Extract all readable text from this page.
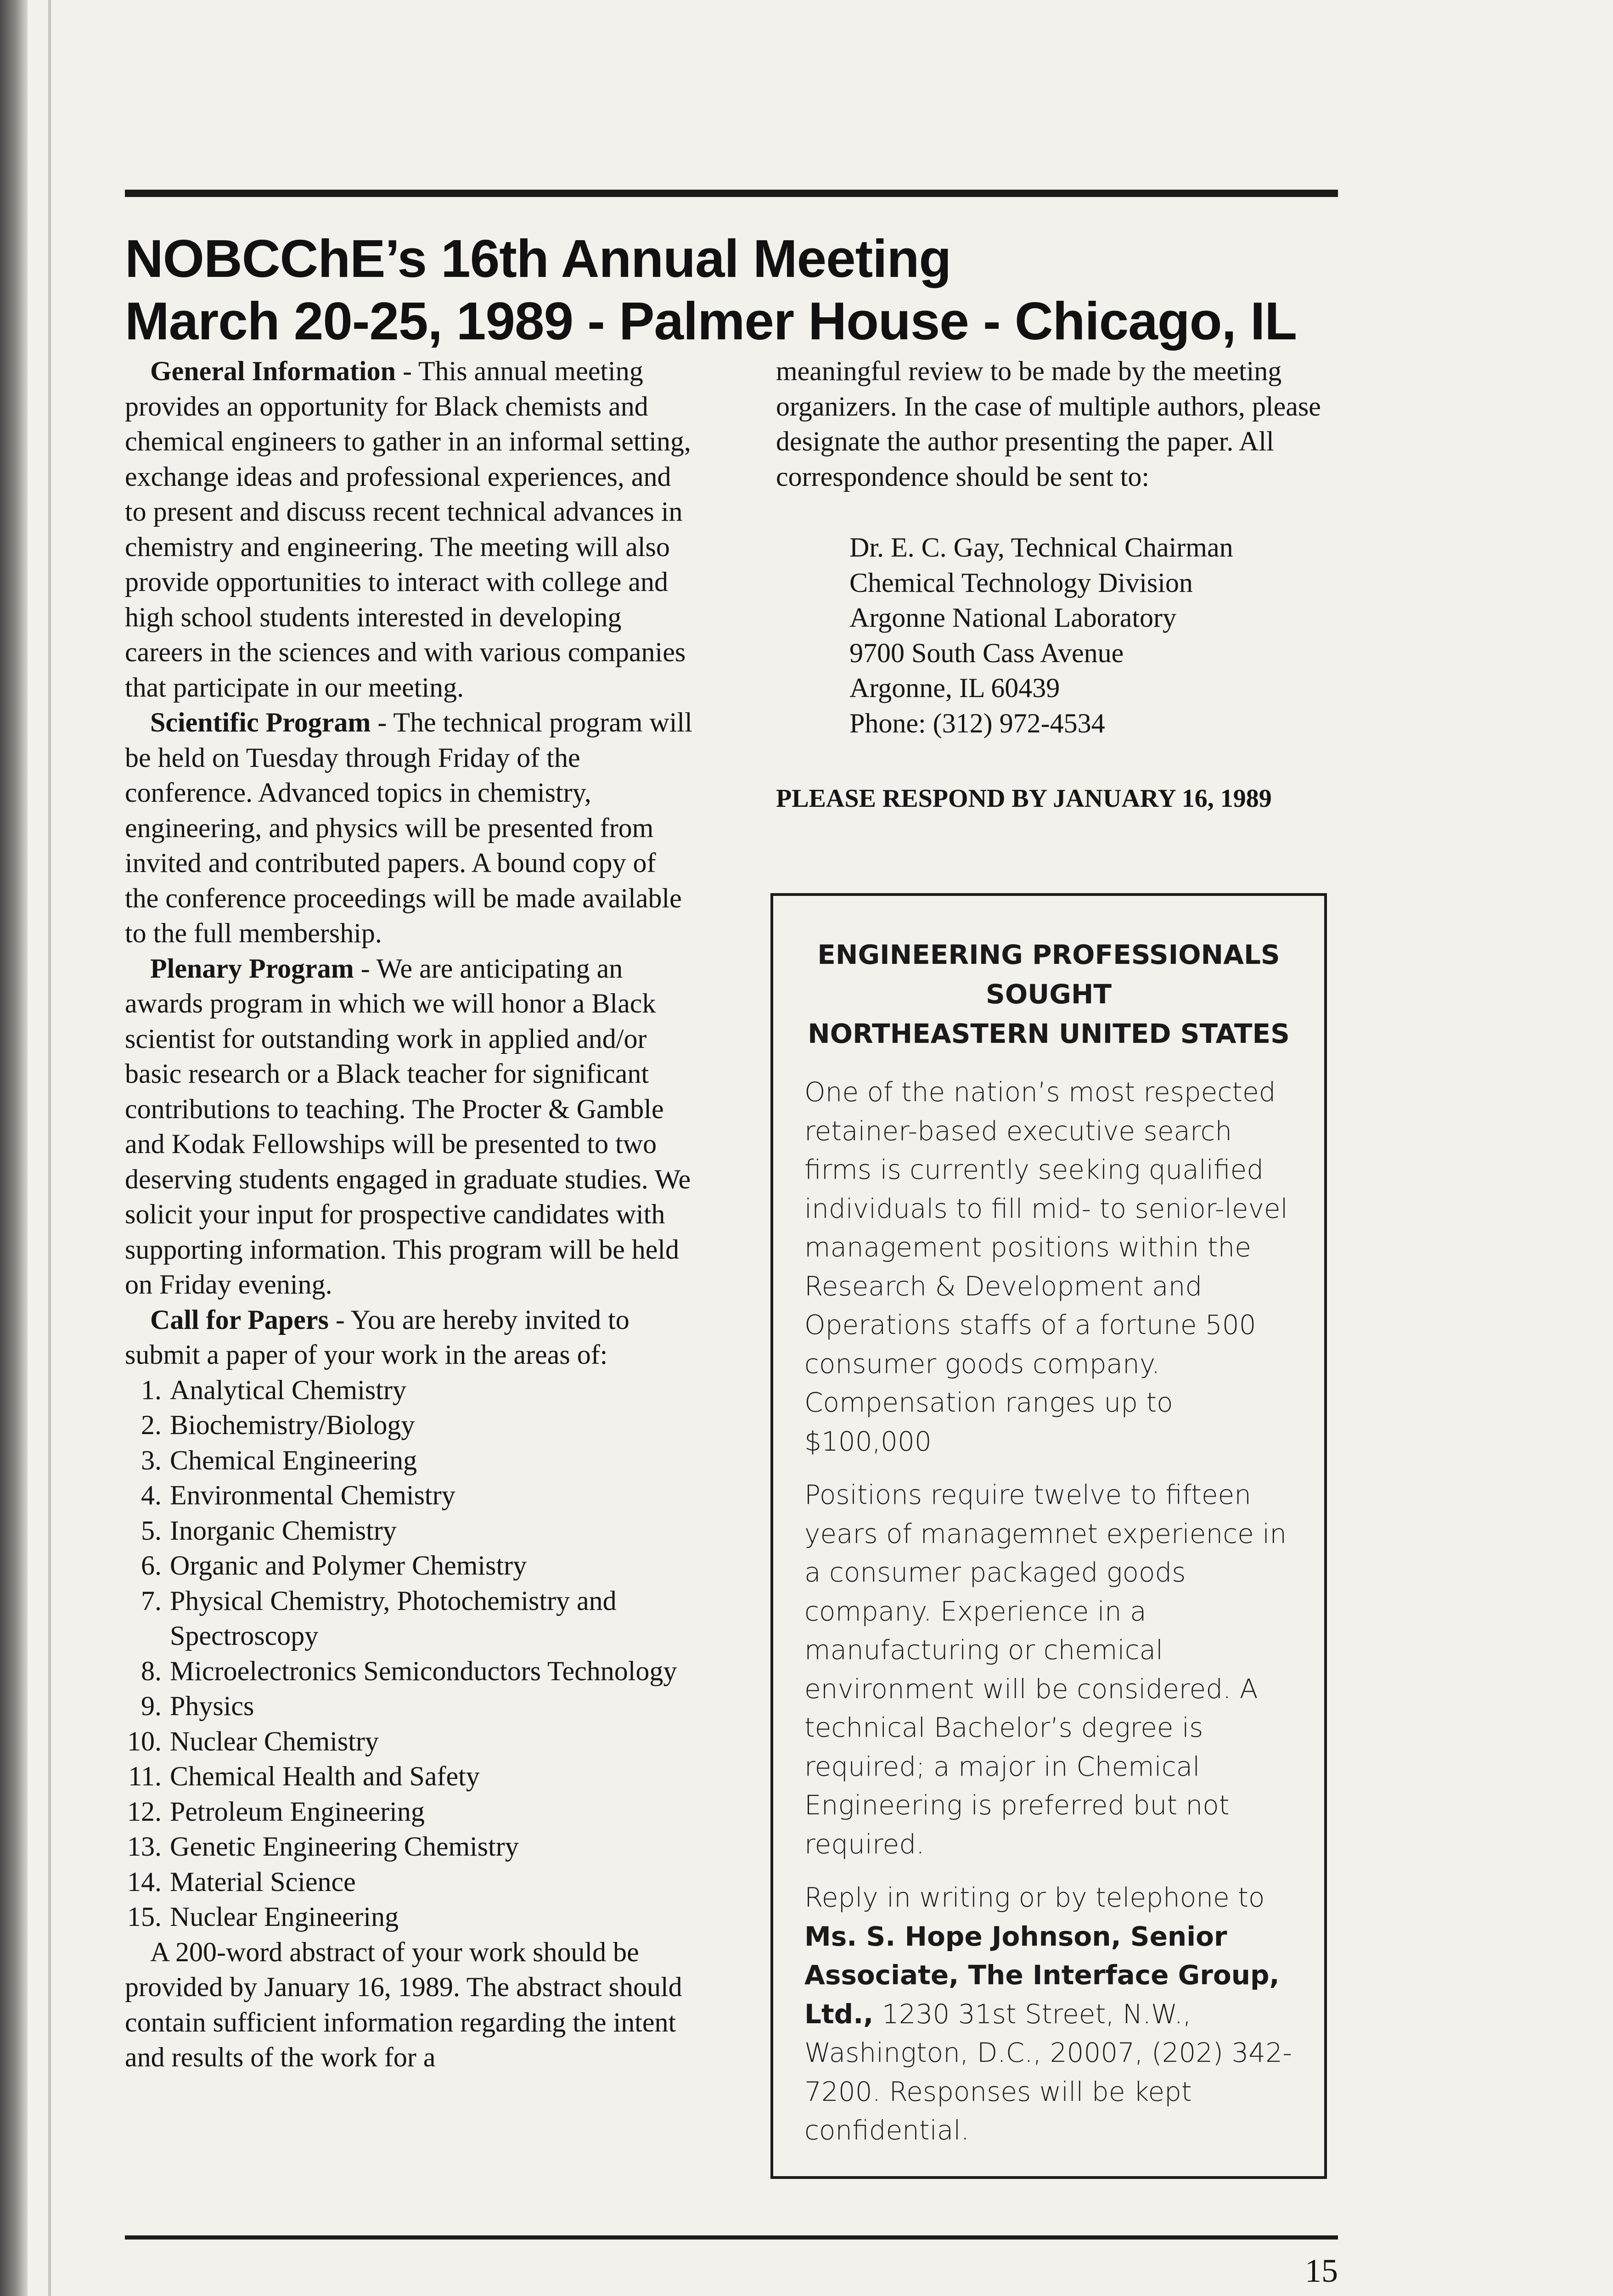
NOBCChE’s 16th Annual Meeting
March 20-25, 1989 - Palmer House - Chicago, IL

General Information - This annual meeting provides an opportunity for Black chemists and chemical engineers to gather in an informal setting, exchange ideas and professional experiences, and to present and discuss recent technical advances in chemistry and engineering. The meeting will also provide opportunities to interact with college and high school students interested in developing careers in the sciences and with various companies that participate in our meeting.

Scientific Program - The technical program will be held on Tuesday through Friday of the conference. Advanced topics in chemistry, engineering, and physics will be presented from invited and contributed papers. A bound copy of the conference proceedings will be made available to the full membership.

Plenary Program - We are anticipating an awards program in which we will honor a Black scientist for outstanding work in applied and/or basic research or a Black teacher for significant contributions to teaching. The Procter & Gamble and Kodak Fellowships will be presented to two deserving students engaged in graduate studies. We solicit your input for prospective candidates with supporting information. This program will be held on Friday evening.

Call for Papers - You are hereby invited to submit a paper of your work in the areas of:

1. Analytical Chemistry
2. Biochemistry/Biology
3. Chemical Engineering
4. Environmental Chemistry
5. Inorganic Chemistry
6. Organic and Polymer Chemistry
7. Physical Chemistry, Photochemistry and Spectroscopy
8. Microelectronics Semiconductors Technology
9. Physics
10. Nuclear Chemistry
11. Chemical Health and Safety
12. Petroleum Engineering
13. Genetic Engineering Chemistry
14. Material Science
15. Nuclear Engineering

A 200-word abstract of your work should be provided by January 16, 1989. The abstract should contain sufficient information regarding the intent and results of the work for a

meaningful review to be made by the meeting organizers. In the case of multiple authors, please designate the author presenting the paper. All correspondence should be sent to:

Dr. E. C. Gay, Technical Chairman
Chemical Technology Division
Argonne National Laboratory
9700 South Cass Avenue
Argonne, IL 60439
Phone: (312) 972-4534
PLEASE RESPOND BY JANUARY 16, 1989
ENGINEERING PROFESSIONALS
SOUGHT
NORTHEASTERN UNITED STATES

One of the nation’s most respected retainer-based executive search firms is currently seeking qualified individuals to fill mid- to senior-level management positions within the Research & Development and Operations staffs of a fortune 500 consumer goods company. Compensation ranges up to $100,000

Positions require twelve to fifteen years of managemnet experience in a consumer packaged goods company. Experience in a manufacturing or chemical environment will be considered. A technical Bachelor’s degree is required; a major in Chemical Engineering is preferred but not required.

Reply in writing or by telephone to Ms. S. Hope Johnson, Senior Associate, The Interface Group, Ltd., 1230 31st Street, N.W., Washington, D.C., 20007, (202) 342-7200. Responses will be kept confidential.

15
